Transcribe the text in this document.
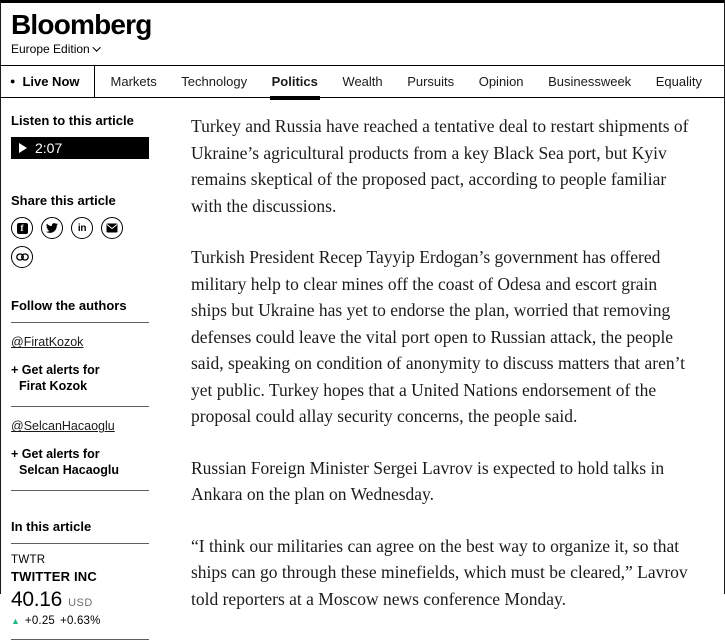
Bloomberg
Europe Edition
● Live Now Markets Technology Politics Wealth Pursuits Opinion Businessweek Equality
Listen to this article
2:07
Share this article
f	in
Follow the authors
@FiratKozok
+ Get alerts for
Firat Kozok
@SelcanHacaoglu
+ Get alerts for
Selcan Hacaoglu
In this article
TWTR
TWITTER INC
40.16 USD
▲ +0.25 +0.63%

Turkey and Russia have reached a tentative deal to restart shipments of Ukraine’s agricultural products from a key Black Sea port, but Kyiv remains skeptical of the proposed pact, according to people familiar with the discussions.

Turkish President Recep Tayyip Erdogan’s government has offered military help to clear mines off the coast of Odesa and escort grain ships but Ukraine has yet to endorse the plan, worried that removing defenses could leave the vital port open to Russian attack, the people said, speaking on condition of anonymity to discuss matters that aren’t yet public. Turkey hopes that a United Nations endorsement of the proposal could allay security concerns, the people said.

Russian Foreign Minister Sergei Lavrov is expected to hold talks in Ankara on the plan on Wednesday.

“I think our militaries can agree on the best way to organize it, so that ships can go through these minefields, which must be cleared,” Lavrov told reporters at a Moscow news conference Monday.
